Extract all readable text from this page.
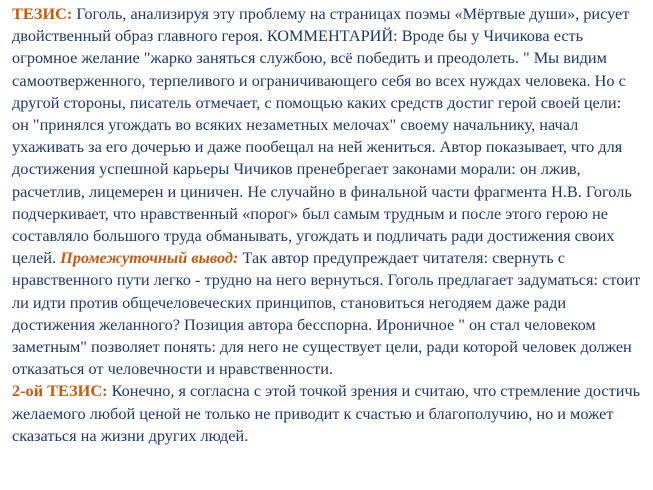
ТЕЗИС: Гоголь, анализируя эту проблему на страницах поэмы «Мёртвые души», рисует двойственный образ главного героя. КОММЕНТАРИЙ: Вроде бы у Чичикова есть огромное желание "жарко заняться службою, всё победить и преодолеть. " Мы видим самоотверженного, терпеливого и ограничивающего себя во всех нуждах человека. Но с другой стороны, писатель отмечает, с помощью каких средств достиг герой своей цели: он "принялся угождать во всяких незаметных мелочах" своему начальнику, начал ухаживать за его дочерью и даже пообещал на ней жениться. Автор показывает, что для достижения успешной карьеры Чичиков пренебрегает законами морали: он лжив, расчетлив, лицемерен и циничен. Не случайно в финальной части фрагмента Н.В. Гоголь подчеркивает, что нравственный «порог» был самым трудным и после этого герою не составляло большого труда обманывать, угождать и подличать ради достижения своих целей. Промежуточный вывод: Так автор предупреждает читателя: свернуть с нравственного пути легко - трудно на него вернуться. Гоголь предлагает задуматься: стоит ли идти против общечеловеческих принципов, становиться негодяем даже ради достижения желанного? Позиция автора бесспорна. Ироничное " он стал человеком заметным" позволяет понять: для него не существует цели, ради которой человек должен отказаться от человечности и нравственности.

2-ой ТЕЗИС: Конечно, я согласна с этой точкой зрения и считаю, что стремление достичь желаемого любой ценой не только не приводит к счастью и благополучию, но и может сказаться на жизни других людей.
